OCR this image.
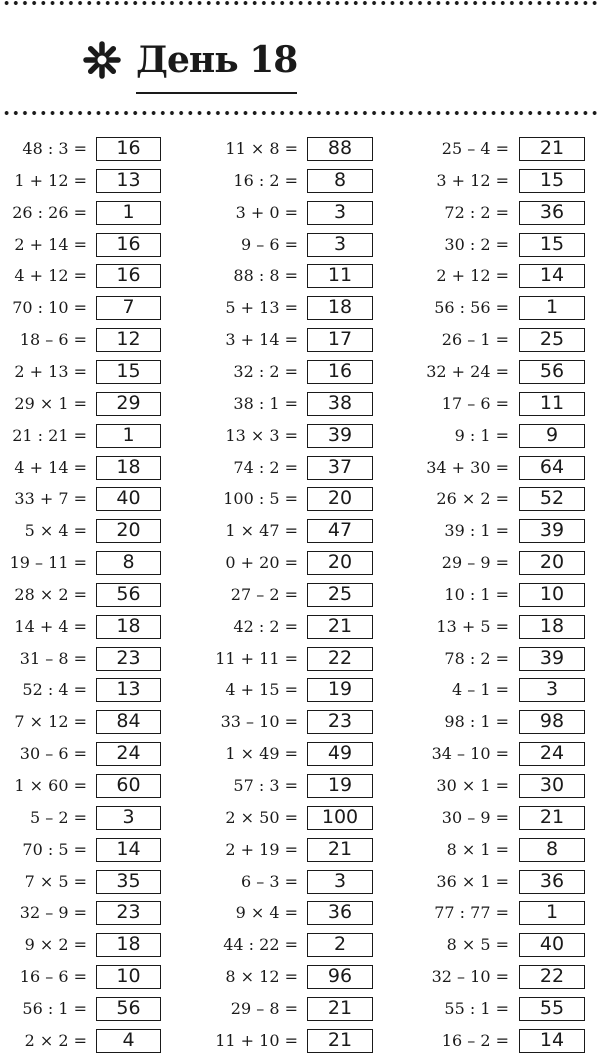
День 18
48 : 3 =	16
1 + 12 =	13
26 : 26 =	1
2 + 14 =	16
4 + 12 =	16
70 : 10 =	7
18 – 6 =	12
2 + 13 =	15
29 × 1 =	29
21 : 21 =	1
4 + 14 =	18
33 + 7 =	40
5 × 4 =	20
19 – 11 =	8
28 × 2 =	56
14 + 4 =	18
31 – 8 =	23
52 : 4 =	13
7 × 12 =	84
30 – 6 =	24
1 × 60 =	60
5 – 2 =	3
70 : 5 =	14
7 × 5 =	35
32 – 9 =	23
9 × 2 =	18
16 – 6 =	10
56 : 1 =	56
2 × 2 =	4
11 × 8 =	88
16 : 2 =	8
3 + 0 =	3
9 – 6 =	3
88 : 8 =	11
5 + 13 =	18
3 + 14 =	17
32 : 2 =	16
38 : 1 =	38
13 × 3 =	39
74 : 2 =	37
100 : 5 =	20
1 × 47 =	47
0 + 20 =	20
27 – 2 =	25
42 : 2 =	21
11 + 11 =	22
4 + 15 =	19
33 – 10 =	23
1 × 49 =	49
57 : 3 =	19
2 × 50 =	100
2 + 19 =	21
6 – 3 =	3
9 × 4 =	36
44 : 22 =	2
8 × 12 =	96
29 – 8 =	21
11 + 10 =	21
25 – 4 =	21
3 + 12 =	15
72 : 2 =	36
30 : 2 =	15
2 + 12 =	14
56 : 56 =	1
26 – 1 =	25
32 + 24 =	56
17 – 6 =	11
9 : 1 =	9
34 + 30 =	64
26 × 2 =	52
39 : 1 =	39
29 – 9 =	20
10 : 1 =	10
13 + 5 =	18
78 : 2 =	39
4 – 1 =	3
98 : 1 =	98
34 – 10 =	24
30 × 1 =	30
30 – 9 =	21
8 × 1 =	8
36 × 1 =	36
77 : 77 =	1
8 × 5 =	40
32 – 10 =	22
55 : 1 =	55
16 – 2 =	14
